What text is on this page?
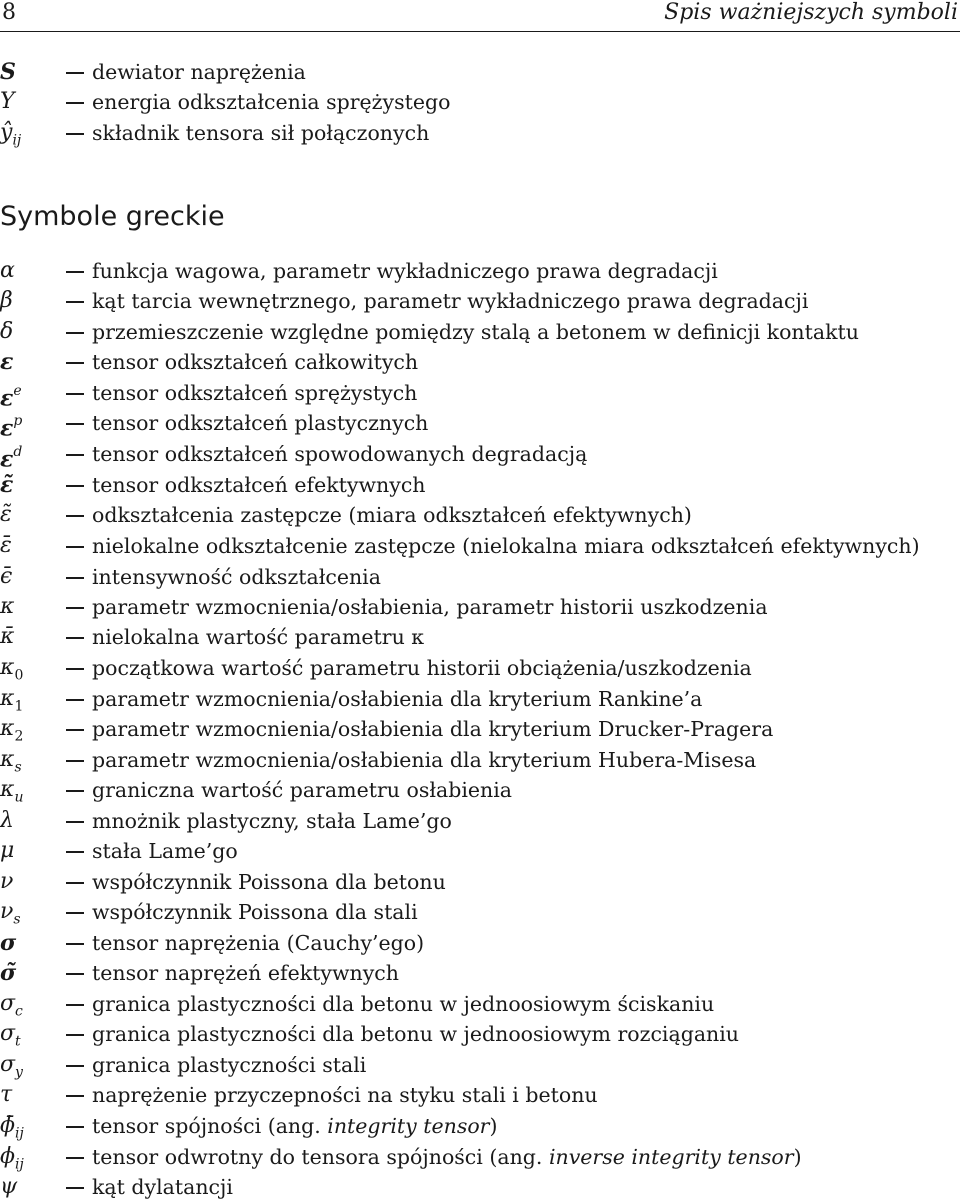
8	Spis ważniejszych symboli
S	dewiator naprężenia
Y	energia odkształcenia sprężystego
$ŷ_{ij}$	składnik tensora sił połączonych
Symbole greckie
α	funkcja wagowa, parametr wykładniczego prawa degradacji
β	kąt tarcia wewnętrznego, parametr wykładniczego prawa degradacji
δ	przemieszczenie względne pomiędzy stalą a betonem w definicji kontaktu
ε	tensor odkształceń całkowitych
$\varepsilon^e$	tensor odkształceń sprężystych
$\varepsilon^p$	tensor odkształceń plastycznych
$\varepsilon^d$	tensor odkształceń spowodowanych degradacją
ε̃	tensor odkształceń efektywnych
ε̃	odkształcenia zastępcze (miara odkształceń efektywnych)
ε̄	nielokalne odkształcenie zastępcze (nielokalna miara odkształceń efektywnych)
ϵ̄	intensywność odkształcenia
κ	parametr wzmocnienia/osłabienia, parametr historii uszkodzenia
κ̄	nielokalna wartość parametru κ
$\kappa_0$	początkowa wartość parametru historii obciążenia/uszkodzenia
$\kappa_1$	parametr wzmocnienia/osłabienia dla kryterium Rankine’a
$\kappa_2$	parametr wzmocnienia/osłabienia dla kryterium Drucker-Pragera
$\kappa_s$	parametr wzmocnienia/osłabienia dla kryterium Hubera-Misesa
$\kappa_u$	graniczna wartość parametru osłabienia
λ	mnożnik plastyczny, stała Lame’go
μ	stała Lame’go
ν	współczynnik Poissona dla betonu
$\nu_s$	współczynnik Poissona dla stali
σ	tensor naprężenia (Cauchy’ego)
σ̃	tensor naprężeń efektywnych
$\sigma_c$	granica plastyczności dla betonu w jednoosiowym ściskaniu
$\sigma_t$	granica plastyczności dla betonu w jednoosiowym rozciąganiu
$\sigma_y$	granica plastyczności stali
τ	naprężenie przyczepności na styku stali i betonu
$\phī_{ij}$	tensor spójności (ang. integrity tensor)
$\phi_{ij}$	tensor odwrotny do tensora spójności (ang. inverse integrity tensor)
ψ	kąt dylatancji
